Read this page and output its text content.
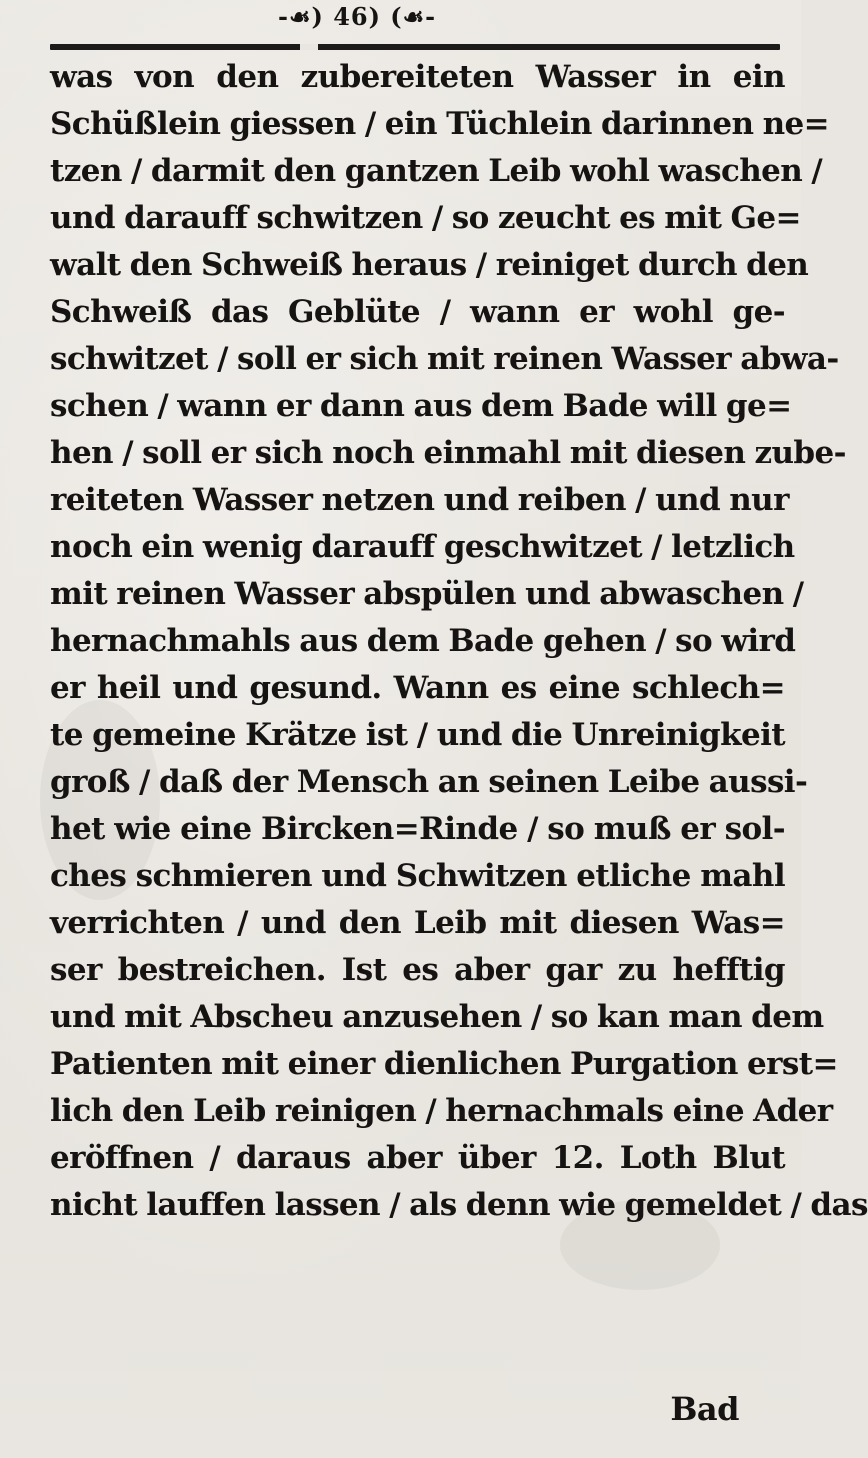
-☙) 46) (☙-
was von den zubereiteten Wasser in ein
Schüßlein giessen / ein Tüchlein darinnen ne=
tzen / darmit den gantzen Leib wohl waschen /
und darauff schwitzen / so zeucht es mit Ge=
walt den Schweiß heraus / reiniget durch den
Schweiß das Geblüte / wann er wohl ge-
schwitzet / soll er sich mit reinen Wasser abwa-
schen / wann er dann aus dem Bade will ge=
hen / soll er sich noch einmahl mit diesen zube-
reiteten Wasser netzen und reiben / und nur
noch ein wenig darauff geschwitzet / letzlich
mit reinen Wasser abspülen und abwaschen /
hernachmahls aus dem Bade gehen / so wird
er heil und gesund. Wann es eine schlech=
te gemeine Krätze ist / und die Unreinigkeit
groß / daß der Mensch an seinen Leibe aussi-
het wie eine Bircken=Rinde / so muß er sol-
ches schmieren und Schwitzen etliche mahl
verrichten / und den Leib mit diesen Was=
ser bestreichen. Ist es aber gar zu hefftig
und mit Abscheu anzusehen / so kan man dem
Patienten mit einer dienlichen Purgation erst=
lich den Leib reinigen / hernachmals eine Ader
eröffnen / daraus aber über 12. Loth Blut
nicht lauffen lassen / als denn wie gemeldet / das
Bad
